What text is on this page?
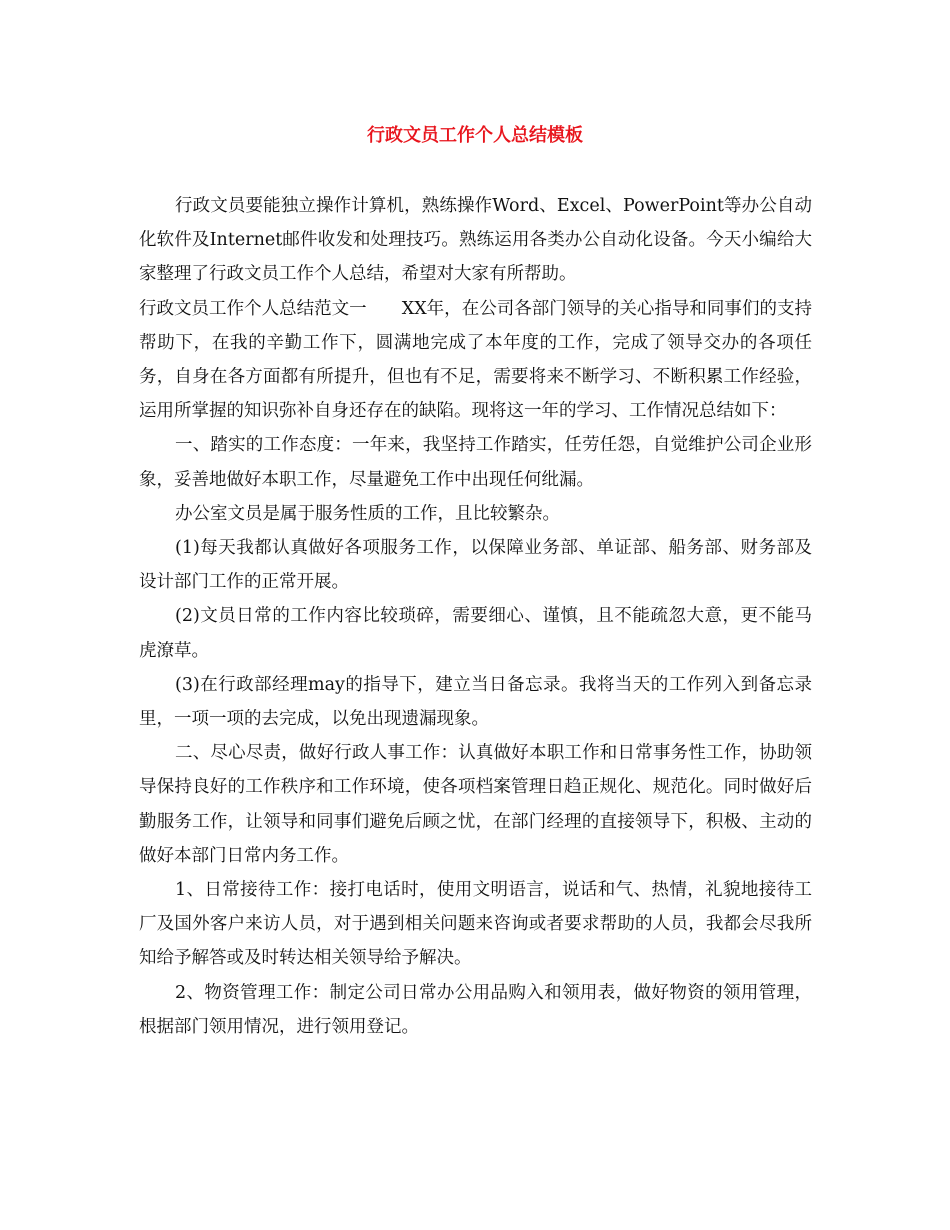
行政文员工作个人总结模板

行政文员要能独立操作计算机，熟练操作Word、Excel、PowerPoint等办公自动化软件及Internet邮件收发和处理技巧。熟练运用各类办公自动化设备。今天小编给大家整理了行政文员工作个人总结，希望对大家有所帮助。

行政文员工作个人总结范文一　　XX年，在公司各部门领导的关心指导和同事们的支持帮助下，在我的辛勤工作下，圆满地完成了本年度的工作，完成了领导交办的各项任务，自身在各方面都有所提升，但也有不足，需要将来不断学习、不断积累工作经验，运用所掌握的知识弥补自身还存在的缺陷。现将这一年的学习、工作情况总结如下：

一、踏实的工作态度：一年来，我坚持工作踏实，任劳任怨，自觉维护公司企业形象，妥善地做好本职工作，尽量避免工作中出现任何纰漏。

办公室文员是属于服务性质的工作，且比较繁杂。

(1)每天我都认真做好各项服务工作，以保障业务部、单证部、船务部、财务部及设计部门工作的正常开展。

(2)文员日常的工作内容比较琐碎，需要细心、谨慎，且不能疏忽大意，更不能马虎潦草。

(3)在行政部经理may的指导下，建立当日备忘录。我将当天的工作列入到备忘录里，一项一项的去完成，以免出现遗漏现象。

二、尽心尽责，做好行政人事工作：认真做好本职工作和日常事务性工作，协助领导保持良好的工作秩序和工作环境，使各项档案管理日趋正规化、规范化。同时做好后勤服务工作，让领导和同事们避免后顾之忧，在部门经理的直接领导下，积极、主动的做好本部门日常内务工作。

1、日常接待工作：接打电话时，使用文明语言，说话和气、热情，礼貌地接待工厂及国外客户来访人员，对于遇到相关问题来咨询或者要求帮助的人员，我都会尽我所知给予解答或及时转达相关领导给予解决。

2、物资管理工作：制定公司日常办公用品购入和领用表，做好物资的领用管理，根据部门领用情况，进行领用登记。
